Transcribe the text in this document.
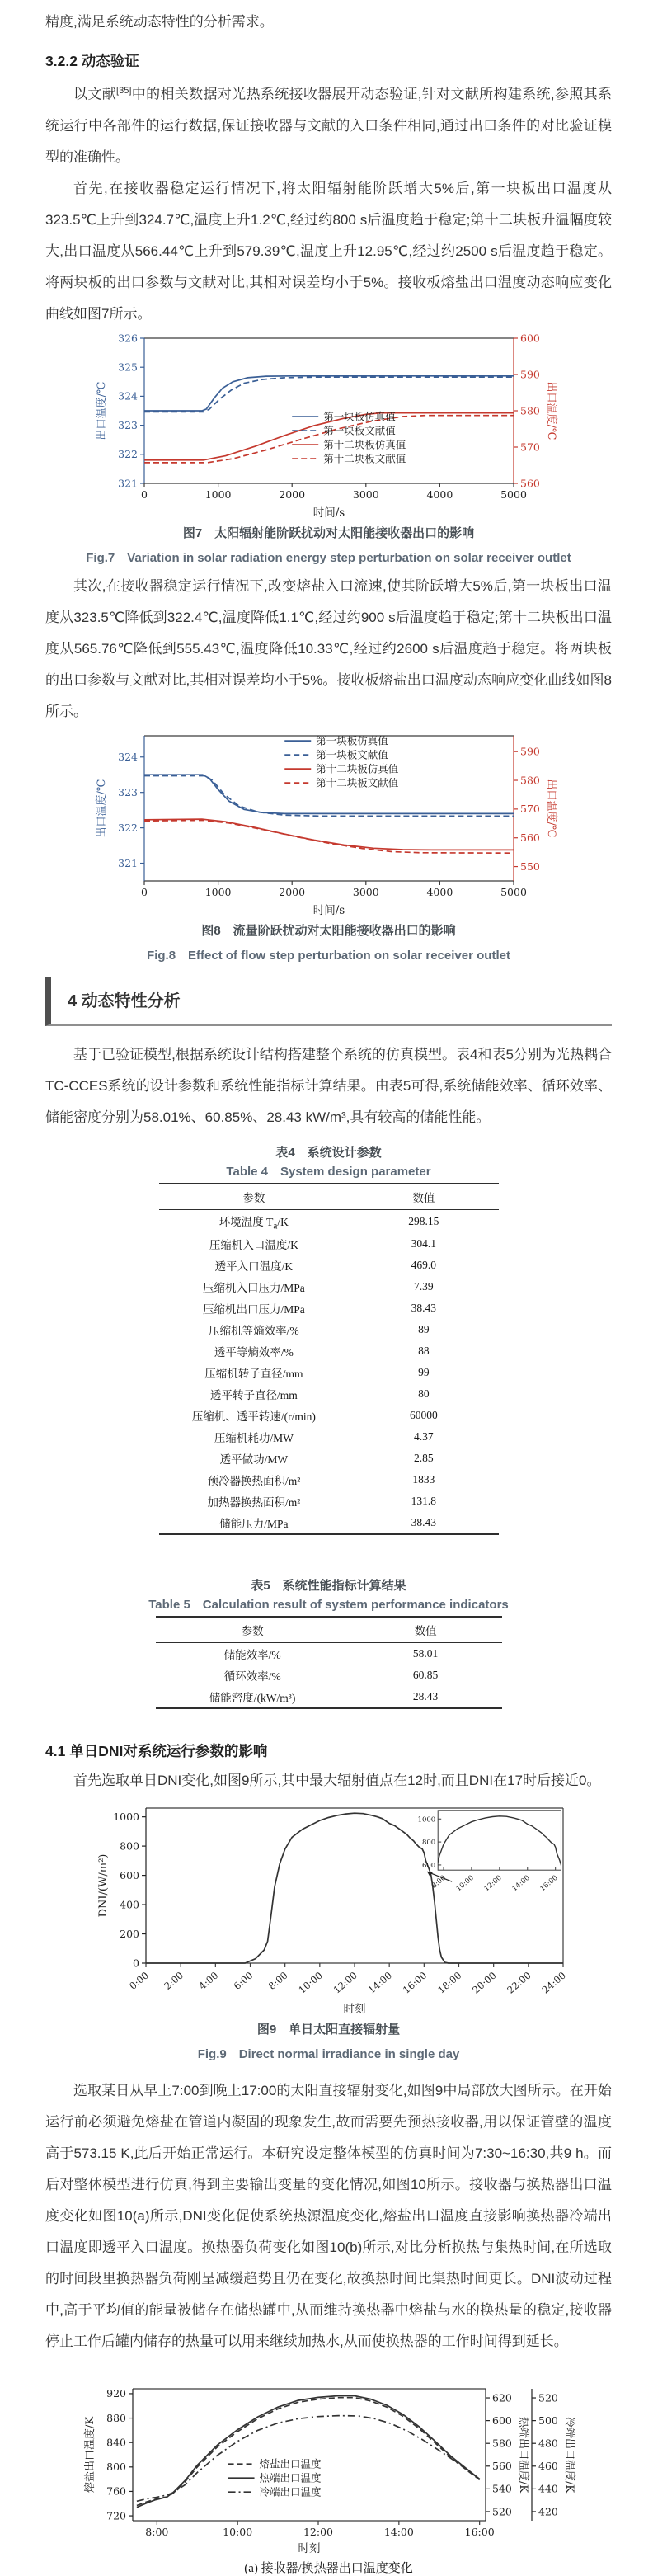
精度,满足系统动态特性的分析需求。

3.2.2 动态验证

以文献[35]中的相关数据对光热系统接收器展开动态验证,针对文献所构建系统,参照其系统运行中各部件的运行数据,保证接收器与文献的入口条件相同,通过出口条件的对比验证模型的准确性。

首先,在接收器稳定运行情况下,将太阳辐射能阶跃增大5%后,第一块板出口温度从323.5℃上升到324.7℃,温度上升1.2℃,经过约800 s后温度趋于稳定;第十二块板升温幅度较大,出口温度从566.44℃上升到579.39℃,温度上升12.95℃,经过约2500 s后温度趋于稳定。将两块板的出口参数与文献对比,其相对误差均小于5%。接收板熔盐出口温度动态响应变化曲线如图7所示。

321
322
323
324
325
326
出口温度/℃
560
570
580
590
600
出口温度/℃
0	1000	2000	3000	4000	5000
时间/s
第一块板仿真值
第一块板文献值
第十二块板仿真值
第十二块板文献值
图7　太阳辐射能阶跃扰动对太阳能接收器出口的影响
Fig.7　Variation in solar radiation energy step perturbation on solar receiver outlet

其次,在接收器稳定运行情况下,改变熔盐入口流速,使其阶跃增大5%后,第一块板出口温度从323.5℃降低到322.4℃,温度降低1.1℃,经过约900 s后温度趋于稳定;第十二块板出口温度从565.76℃降低到555.43℃,温度降低10.33℃,经过约2600 s后温度趋于稳定。将两块板的出口参数与文献对比,其相对误差均小于5%。接收板熔盐出口温度动态响应变化曲线如图8所示。

321
322
323
324
出口温度/℃
550
560
570
580
590
出口温度/℃
0	1000	2000	3000	4000	5000
时间/s
第一块板仿真值
第一块板文献值
第十二块板仿真值
第十二块板文献值
图8　流量阶跃扰动对太阳能接收器出口的影响
Fig.8　Effect of flow step perturbation on solar receiver outlet
4 动态特性分析

基于已验证模型,根据系统设计结构搭建整个系统的仿真模型。表4和表5分别为光热耦合TC-CCES系统的设计参数和系统性能指标计算结果。由表5可得,系统储能效率、循环效率、储能密度分别为58.01%、60.85%、28.43 kW/m³,具有较高的储能性能。

表4　系统设计参数
Table 4　System design parameter
参数	数值
环境温度 $T_a/K$	298.15
压缩机入口温度/K	304.1
透平入口温度/K	469.0
压缩机入口压力/MPa	7.39
压缩机出口压力/MPa	38.43
压缩机等熵效率/%	89
透平等熵效率/%	88
压缩机转子直径/mm	99
透平转子直径/mm	80
压缩机、透平转速/(r/min)	60000
压缩机耗功/MW	4.37
透平做功/MW	2.85
预冷器换热面积/m²	1833
加热器换热面积/m²	131.8
储能压力/MPa	38.43
表5　系统性能指标计算结果
Table 5　Calculation result of system performance indicators
参数	数值
储能效率/%	58.01
循环效率/%	60.85
储能密度/(kW/m³)	28.43
4.1 单日DNI对系统运行参数的影响

首先选取单日DNI变化,如图9所示,其中最大辐射值点在12时,而且DNI在17时后接近0。

0
200
400
600
800
1000
DNI/(W/m²)
0:00 2:00 4:00 6:00 8:00 10:00 12:00 14:00 16:00 18:00 20:00 22:00 24:00
时刻
600
800
1000
8:00 10:00 12:00 14:00 16:00
图9　单日太阳直接辐射量
Fig.9　Direct normal irradiance in single day

选取某日从早上7:00到晚上17:00的太阳直接辐射变化,如图9中局部放大图所示。在开始运行前必须避免熔盐在管道内凝固的现象发生,故而需要先预热接收器,用以保证管壁的温度高于573.15 K,此后开始正常运行。本研究设定整体模型的仿真时间为7:30~16:30,共9 h。而后对整体模型进行仿真,得到主要输出变量的变化情况,如图10所示。接收器与换热器出口温度变化如图10(a)所示,DNI变化促使系统热源温度变化,熔盐出口温度直接影响换热器冷端出口温度即透平入口温度。换热器负荷变化如图10(b)所示,对比分析换热与集热时间,在所选取的时间段里换热器负荷刚呈减缓趋势且仍在变化,故换热时间比集热时间更长。DNI波动过程中,高于平均值的能量被储存在储热罐中,从而维持换热器中熔盐与水的换热量的稳定,接收器停止工作后罐内储存的热量可以用来继续加热水,从而使换热器的工作时间得到延长。

720
760
800
840
880
920
熔盐出口温度/K
520
540
560
580
600
620
热端出口温度/K
420
440
460
480
500
520
冷端出口温度/K
8:00	10:00	12:00	14:00	16:00
时刻
熔盐出口温度
热端出口温度
冷端出口温度
(a) 接收器/换热器出口温度变化
